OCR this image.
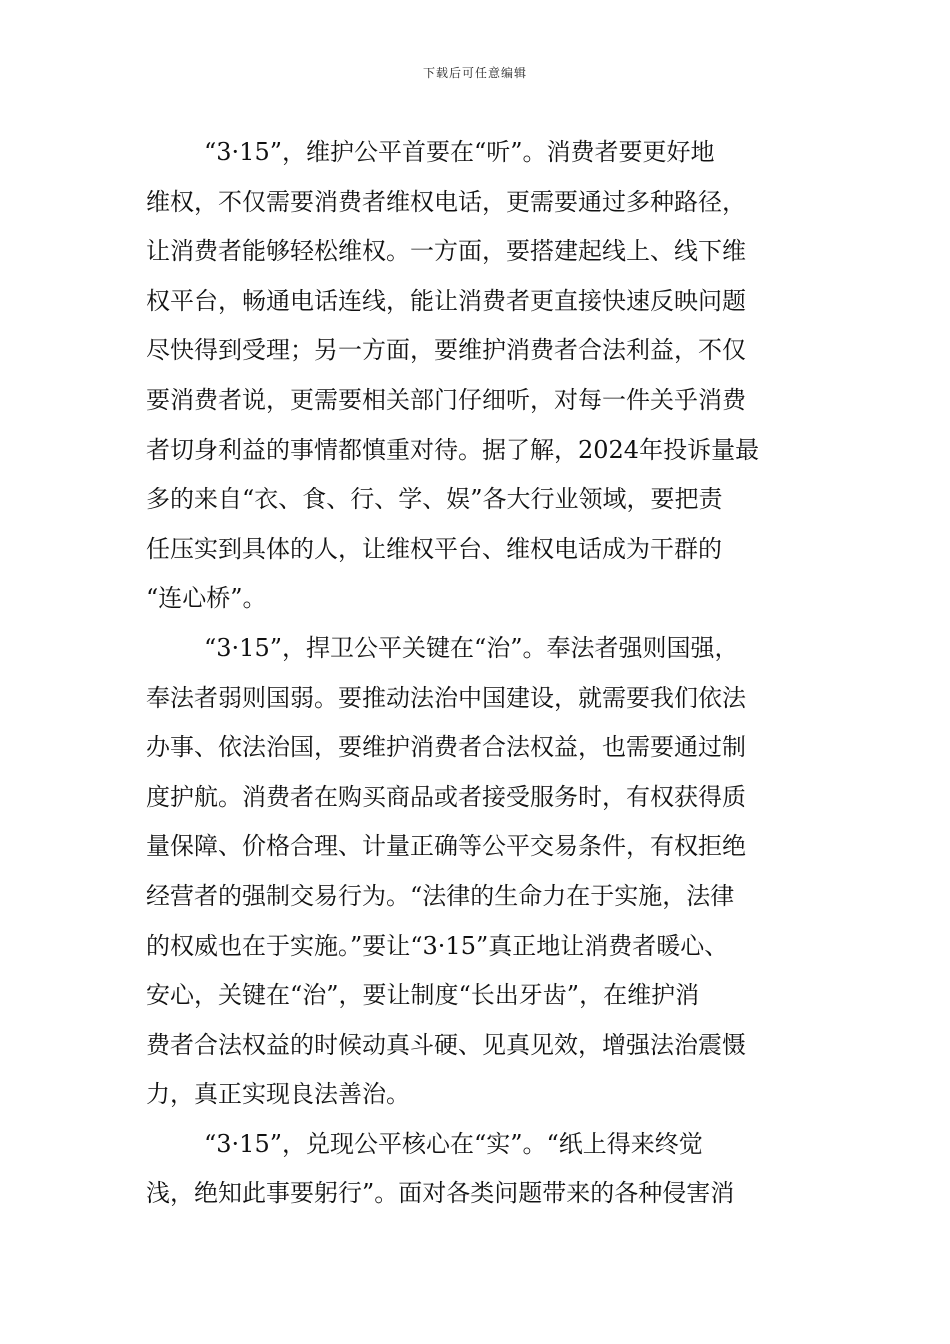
下载后可任意编辑
“3·15”，维护公平首要在“听”。消费者要更好地
维权，不仅需要消费者维权电话，更需要通过多种路径，
让消费者能够轻松维权。一方面，要搭建起线上、线下维
权平台，畅通电话连线，能让消费者更直接快速反映问题
尽快得到受理；另一方面，要维护消费者合法利益，不仅
要消费者说，更需要相关部门仔细听，对每一件关乎消费
者切身利益的事情都慎重对待。据了解，2024年投诉量最
多的来自“衣、食、行、学、娱”各大行业领域，要把责
任压实到具体的人，让维权平台、维权电话成为干群的
“连心桥”。
“3·15”，捍卫公平关键在“治”。奉法者强则国强，
奉法者弱则国弱。要推动法治中国建设，就需要我们依法
办事、依法治国，要维护消费者合法权益，也需要通过制
度护航。消费者在购买商品或者接受服务时，有权获得质
量保障、价格合理、计量正确等公平交易条件，有权拒绝
经营者的强制交易行为。“法律的生命力在于实施，法律
的权威也在于实施。”要让“3·15”真正地让消费者暖心、
安心，关键在“治”，要让制度“长出牙齿”，在维护消
费者合法权益的时候动真斗硬、见真见效，增强法治震慑
力，真正实现良法善治。
“3·15”，兑现公平核心在“实”。“纸上得来终觉
浅，绝知此事要躬行”。面对各类问题带来的各种侵害消
